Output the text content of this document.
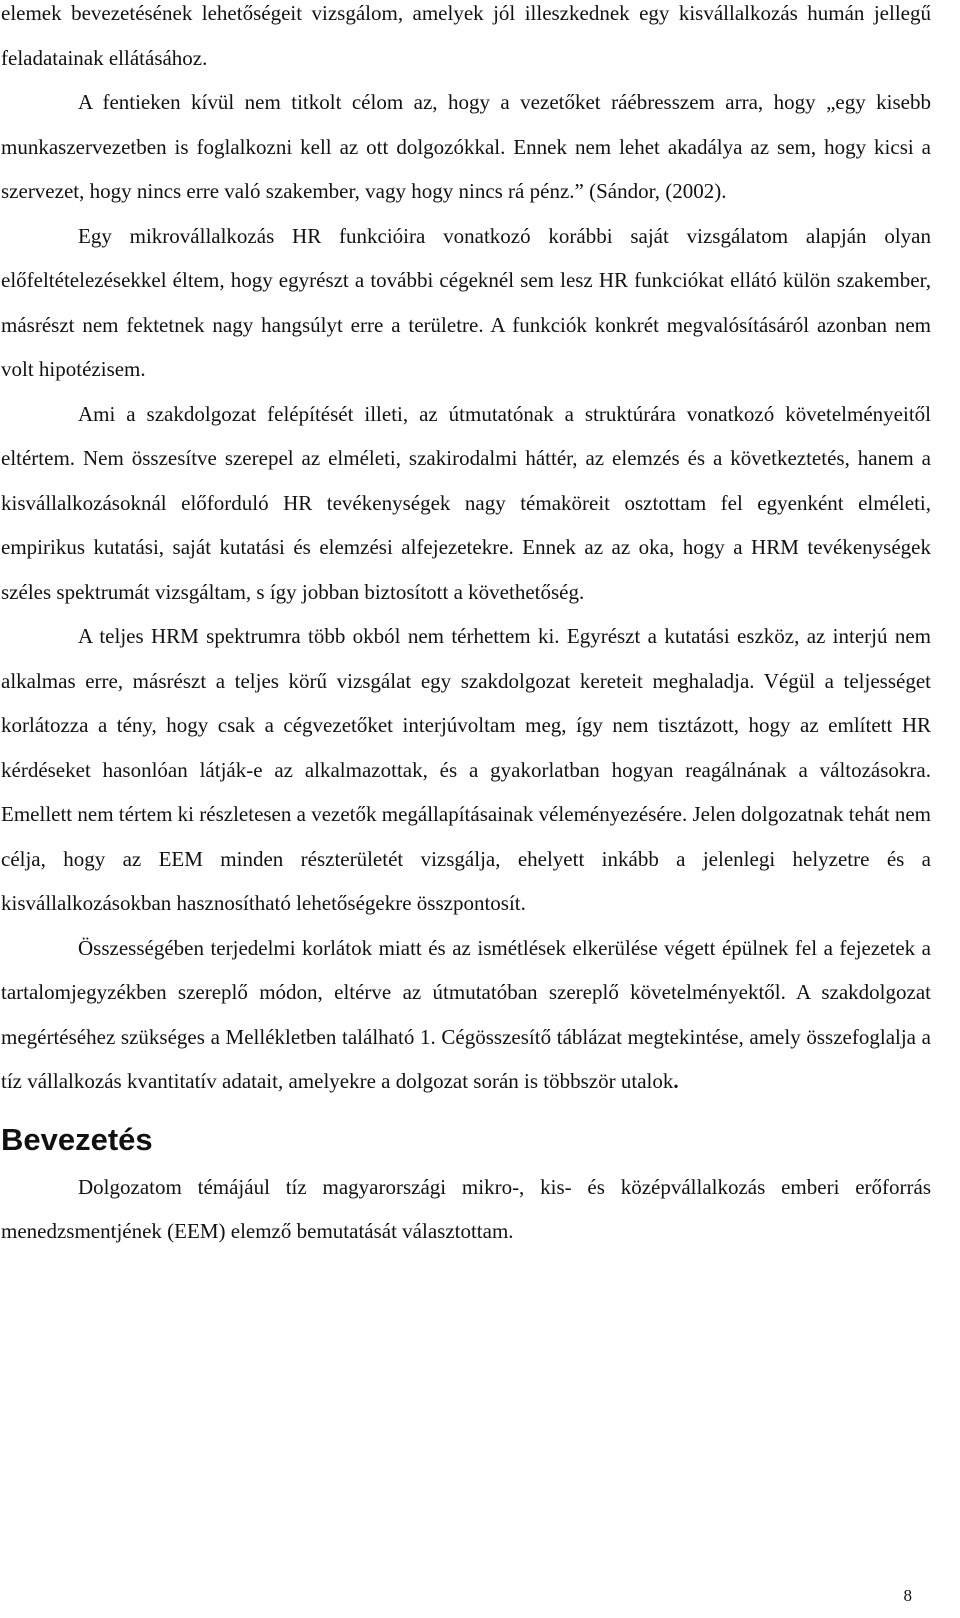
elemek bevezetésének lehetőségeit vizsgálom, amelyek jól illeszkednek egy kisvállalkozás humán jellegű feladatainak ellátásához.

A fentieken kívül nem titkolt célom az, hogy a vezetőket ráébresszem arra, hogy „egy kisebb munkaszervezetben is foglalkozni kell az ott dolgozókkal. Ennek nem lehet akadálya az sem, hogy kicsi a szervezet, hogy nincs erre való szakember, vagy hogy nincs rá pénz.” (Sándor, (2002).

Egy mikrovállalkozás HR funkcióira vonatkozó korábbi saját vizsgálatom alapján olyan előfeltételezésekkel éltem, hogy egyrészt a további cégeknél sem lesz HR funkciókat ellátó külön szakember, másrészt nem fektetnek nagy hangsúlyt erre a területre. A funkciók konkrét megvalósításáról azonban nem volt hipotézisem.

Ami a szakdolgozat felépítését illeti, az útmutatónak a struktúrára vonatkozó követelményeitől eltértem. Nem összesítve szerepel az elméleti, szakirodalmi háttér, az elemzés és a következtetés, hanem a kisvállalkozásoknál előforduló HR tevékenységek nagy témaköreit osztottam fel egyenként elméleti, empirikus kutatási, saját kutatási és elemzési alfejezetekre. Ennek az az oka, hogy a HRM tevékenységek széles spektrumát vizsgáltam, s így jobban biztosított a követhetőség.

A teljes HRM spektrumra több okból nem térhettem ki. Egyrészt a kutatási eszköz, az interjú nem alkalmas erre, másrészt a teljes körű vizsgálat egy szakdolgozat kereteit meghaladja. Végül a teljességet korlátozza a tény, hogy csak a cégvezetőket interjúvoltam meg, így nem tisztázott, hogy az említett HR kérdéseket hasonlóan látják-e az alkalmazottak, és a gyakorlatban hogyan reagálnának a változásokra. Emellett nem tértem ki részletesen a vezetők megállapításainak véleményezésére. Jelen dolgozatnak tehát nem célja, hogy az EEM minden részterületét vizsgálja, ehelyett inkább a jelenlegi helyzetre és a kisvállalkozásokban hasznosítható lehetőségekre összpontosít.

Összességében terjedelmi korlátok miatt és az ismétlések elkerülése végett épülnek fel a fejezetek a tartalomjegyzékben szereplő módon, eltérve az útmutatóban szereplő követelményektől. A szakdolgozat megértéséhez szükséges a Mellékletben található 1. Cégösszesítő táblázat megtekintése, amely összefoglalja a tíz vállalkozás kvantitatív adatait, amelyekre a dolgozat során is többször utalok.

Bevezetés

Dolgozatom témájául tíz magyarországi mikro-, kis- és középvállalkozás emberi erőforrás menedzsmentjének (EEM) elemző bemutatását választottam.

8
